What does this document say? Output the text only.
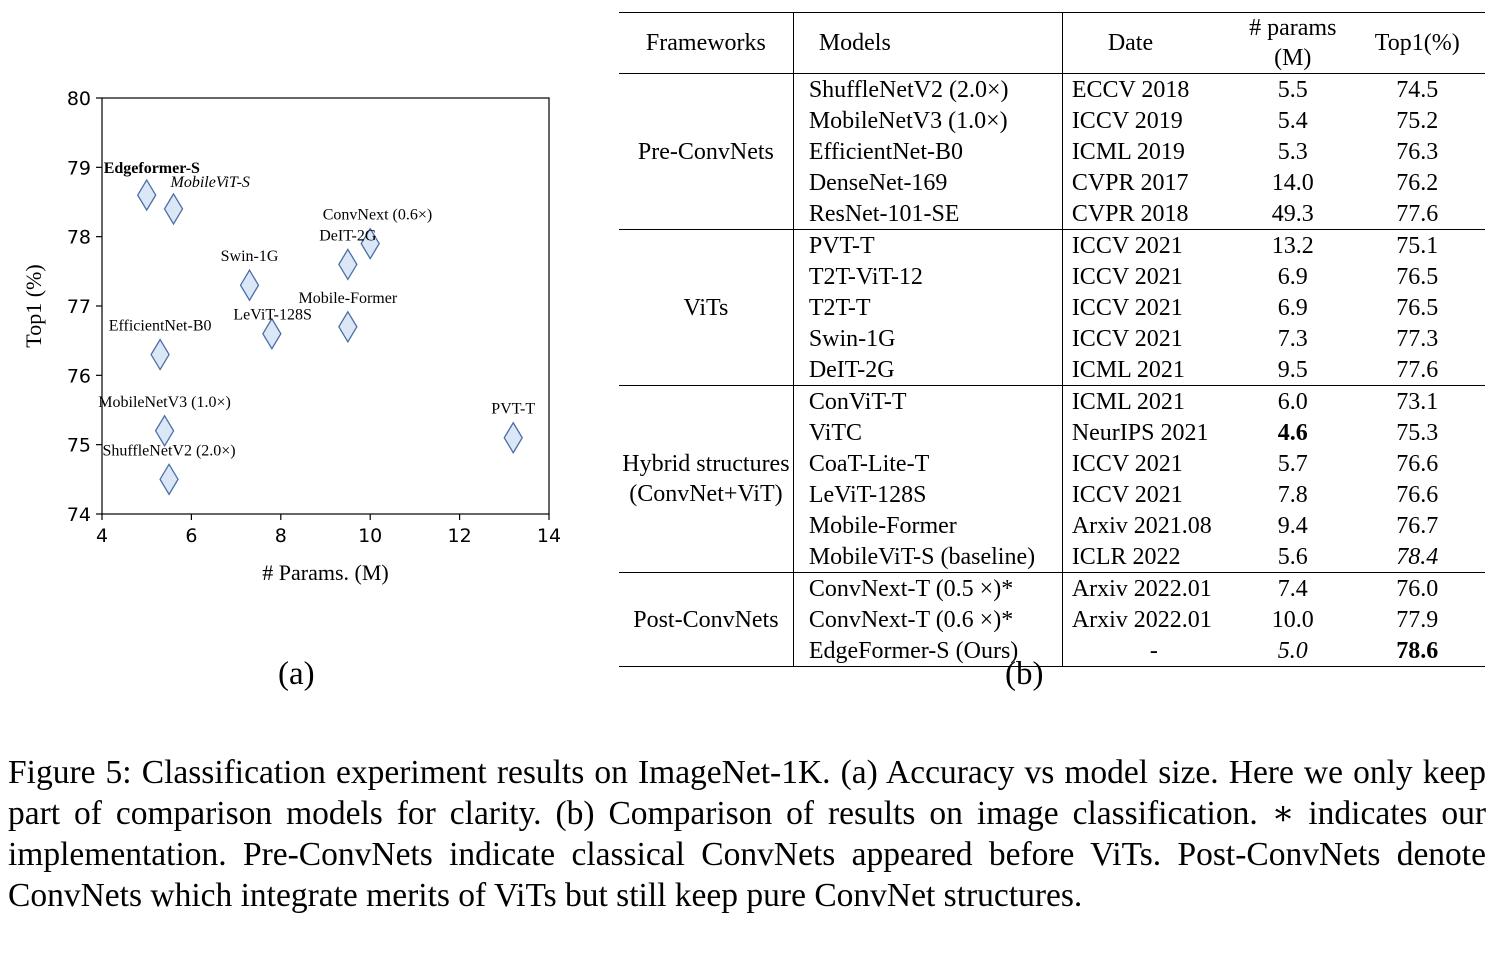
4	6	8	10	12	14
74
75
76
77
78
79
80
# Params. (M)
Top1 (%)
Edgeformer-S
MobileViT-S
ConvNext (0.6×)
DeIT-2G
Swin-1G
Mobile-Former
LeViT-128S
EfficientNet-B0
MobileNetV3 (1.0×)	PVT-T
ShuffleNetV2 (2.0×)
(a)
Frameworks	Models	Date	# params (M)	Top1(%)

Pre-ConvNets	ShuffleNetV2 (2.0×)	ECCV 2018	5.5	74.5
	MobileNetV3 (1.0×)	ICCV 2019	5.4	75.2
	EfficientNet-B0	ICML 2019	5.3	76.3
	DenseNet-169	CVPR 2017	14.0	76.2
	ResNet-101-SE	CVPR 2018	49.3	77.6

ViTs	PVT-T	ICCV 2021	13.2	75.1
	T2T-ViT-12	ICCV 2021	6.9	76.5
	T2T-T	ICCV 2021	6.9	76.5
	Swin-1G	ICCV 2021	7.3	77.3
	DeIT-2G	ICML 2021	9.5	77.6

Hybrid structures
(ConvNet+ViT)	ConViT-T	ICML 2021	6.0	73.1
	ViTC	NeurIPS 2021	4.6	75.3
	CoaT-Lite-T	ICCV 2021	5.7	76.6
	LeViT-128S	ICCV 2021	7.8	76.6
	Mobile-Former	Arxiv 2021.08	9.4	76.7
	MobileViT-S (baseline)	ICLR 2022	5.6	78.4

Post-ConvNets	ConvNext-T (0.5 ×)*	Arxiv 2022.01	7.4	76.0
	ConvNext-T (0.6 ×)*	Arxiv 2022.01	10.0	77.9
	EdgeFormer-S (Ours)	-	5.0	78.6
(b)

Figure 5: Classification experiment results on ImageNet-1K. (a) Accuracy vs model size. Here we only keep part of comparison models for clarity. (b) Comparison of results on image classification. ∗ indicates our implementation. Pre-ConvNets indicate classical ConvNets appeared before ViTs. Post-ConvNets denote ConvNets which integrate merits of ViTs but still keep pure ConvNet structures.
